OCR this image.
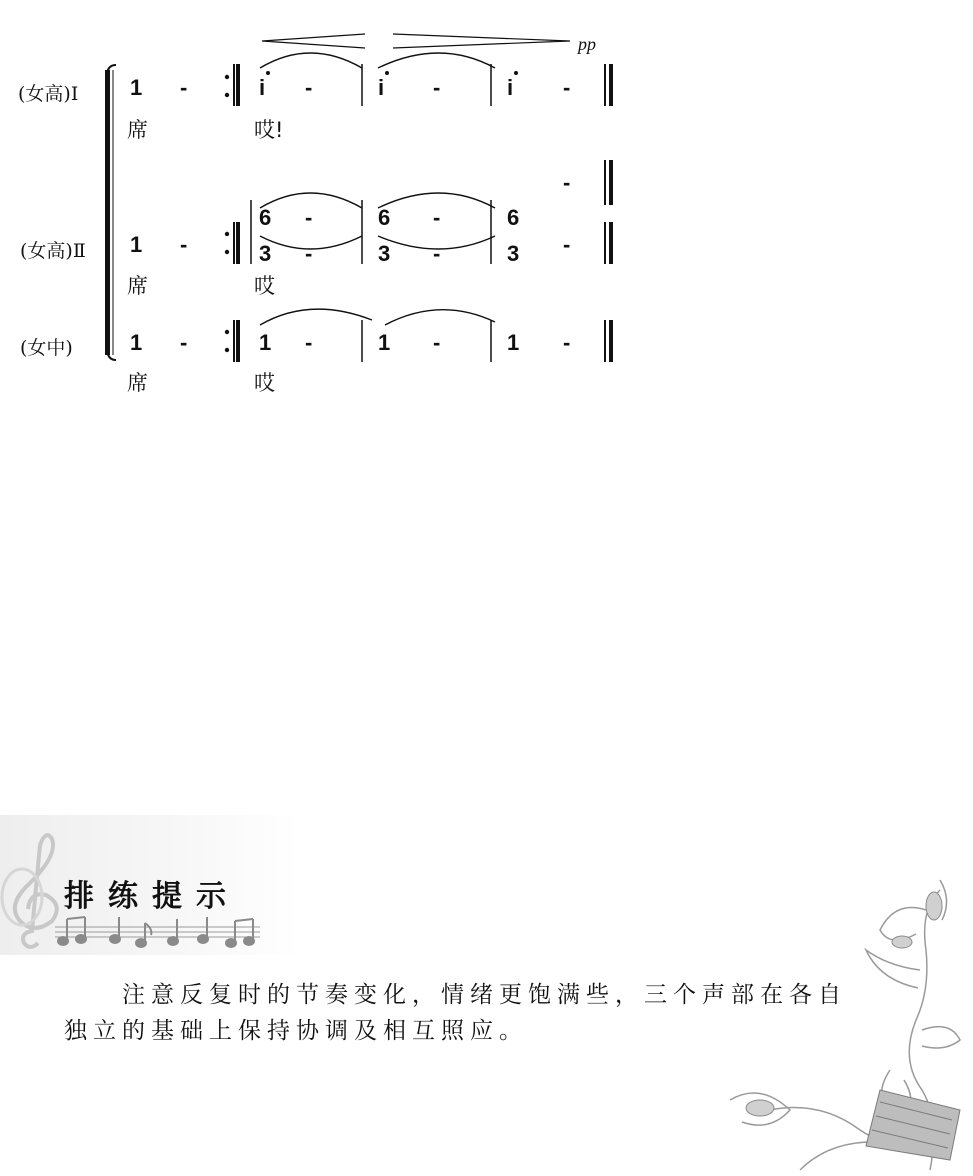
(女高)Ⅰ
(女高)Ⅱ
(女中)
pp
1 -	i -	i -	i -
席	哎!
-
6 -	6 -	6
1 -	3 -	3 -	3 -
席	哎
1 -	1 -	1 -	1 -
席	哎
排练提示
注意反复时的节奏变化，情绪更饱满些，三个声部在各自独立的基础上保持协调及相互照应。
